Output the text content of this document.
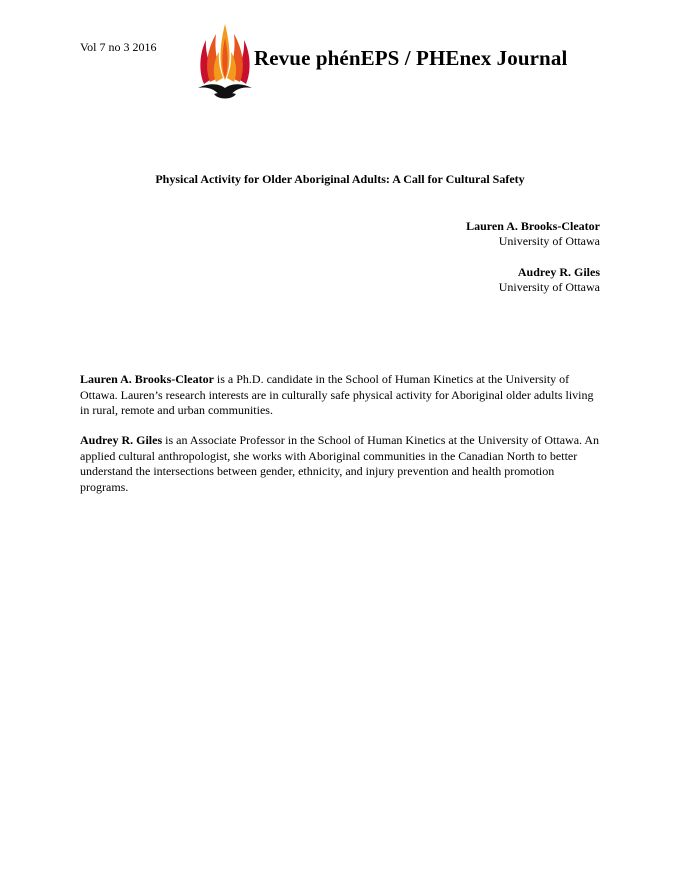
Vol 7 no 3 2016	Revue phénEPS / PHEnex Journal
Physical Activity for Older Aboriginal Adults: A Call for Cultural Safety
Lauren A. Brooks-Cleator
University of Ottawa
Audrey R. Giles
University of Ottawa
Lauren A. Brooks-Cleator is a Ph.D. candidate in the School of Human Kinetics at the University of Ottawa. Lauren’s research interests are in culturally safe physical activity for Aboriginal older adults living in rural, remote and urban communities.
Audrey R. Giles is an Associate Professor in the School of Human Kinetics at the University of Ottawa. An applied cultural anthropologist, she works with Aboriginal communities in the Canadian North to better understand the intersections between gender, ethnicity, and injury prevention and health promotion programs.
